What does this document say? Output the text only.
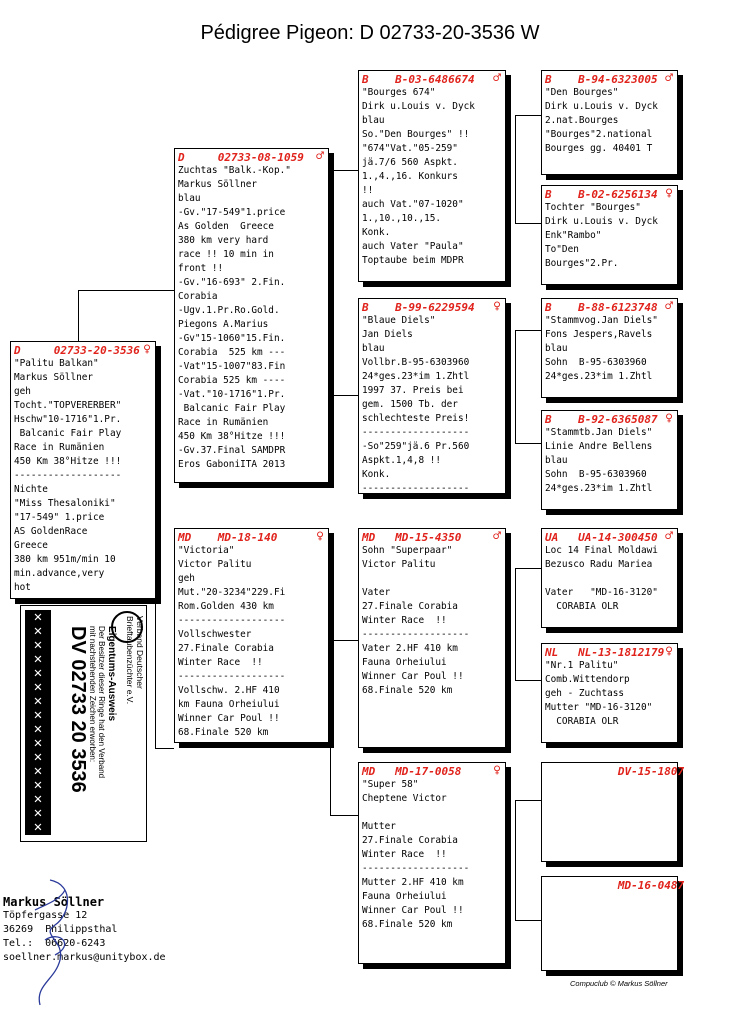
Pédigree Pigeon: D 02733-20-3536 W
D     02733-20-3536 ♀
"Palitu Balkan"
Markus Söllner
geh
Tocht."TOPVERERBER"
Hschw"10-1716"1.Pr.
Balcanic Fair Play
Race in Rumänien
450 Km 38°Hitze !!!
-------------------
Nichte
"Miss Thesaloniki"
"17-549" 1.price
AS GoldenRace
Greece
380 km 951m/min 10
min.advance,very
hot
D     02733-08-1059 ♂
Zuchtas "Balk.-Kop."
Markus Söllner
blau
-Gv."17-549"1.price
As Golden  Greece
380 km very hard
race !! 10 min in
front !!
-Gv."16-693" 2.Fin.
Corabia
-Ugv.1.Pr.Ro.Gold.
Piegons A.Marius
-Gv"15-1060"15.Fin.
Corabia  525 km ---
-Vat"15-1007"83.Fin
Corabia 525 km ----
-Vat."10-1716"1.Pr.
Balcanic Fair Play
Race in Rumänien
450 Km 38°Hitze !!!
-Gv.37.Final SAMDPR
Eros GaboniITA 2013
MD    MD-18-140	♀
"Victoria"
Victor Palitu
geh
Mut."20-3234"229.Fi
Rom.Golden 430 km
-------------------
Vollschwester
27.Finale Corabia
Winter Race  !!
-------------------
Vollschw. 2.HF 410
km Fauna Orheiului
Winner Car Poul !!
68.Finale 520 km
B    B-03-6486674 ♂
"Bourges 674"
Dirk u.Louis v. Dyck
blau
So."Den Bourges" !!
"674"Vat."05-259"
jä.7/6 560 Aspkt.
1.,4.,16. Konkurs
!!
auch Vat."07-1020"
1.,10.,10.,15.
Konk.
auch Vater "Paula"
Toptaube beim MDPR
B    B-99-6229594 ♀
"Blaue Diels"
Jan Diels
blau
Vollbr.B-95-6303960
24*ges.23*im 1.Zhtl
1997 37. Preis bei
gem. 1500 Tb. der
schlechteste Preis!
-------------------
-So"259"jä.6 Pr.560
Aspkt.1,4,8 !!
Konk.
-------------------
MD   MD-15-4350 ♂
Sohn "Superpaar"
Victor Palitu

Vater
27.Finale Corabia
Winter Race  !!
-------------------
Vater 2.HF 410 km
Fauna Orheiului
Winner Car Poul !!
68.Finale 520 km
MD   MD-17-0058 ♀
"Super 58"
Cheptene Victor

Mutter
27.Finale Corabia
Winter Race  !!
-------------------
Mutter 2.HF 410 km
Fauna Orheiului
Winner Car Poul !!
68.Finale 520 km
B    B-94-6323005 ♂
"Den Bourges"
Dirk u.Louis v. Dyck
2.nat.Bourges
"Bourges"2.national
Bourges gg. 40401 T
B    B-02-6256134 ♀
Tochter "Bourges"
Dirk u.Louis v. Dyck
Enk"Rambo"
To"Den
Bourges"2.Pr.
B    B-88-6123748 ♂
"Stammvog.Jan Diels"
Fons Jespers,Ravels
blau
Sohn  B-95-6303960
24*ges.23*im 1.Zhtl
B    B-92-6365087 ♀
"Stammtb.Jan Diels"
Linie Andre Bellens
blau
Sohn  B-95-6303960
24*ges.23*im 1.Zhtl
UA   UA-14-300450 ♂
Loc 14 Final Moldawi
Bezusco Radu Mariea

Vater   "MD-16-3120"
CORABIA OLR
NL   NL-13-1812179 ♀
"Nr.1 Palitu"
Comb.Wittendorp
geh - Zuchtass
Mutter "MD-16-3120"
CORABIA OLR
DV-15-1807
MD-16-0487
✕
✕
✕
✕
✕
✕
✕
✕
✕
✕
✕
✕
✕
✕
✕
✕
DV 02733 20 3536 Eigentums-Ausweis
Der Besitzer dieser Ringe hat den Verband
mit nachstehenden Zeichen erworben:	Verband Deutscher
Brieftaubenzüchter e.V.
Markus Söllner
Töpfergasse 12
36269  Philippsthal
Tel.:  06620-6243
soellner.markus@unitybox.de
Compuclub © Markus Söllner
